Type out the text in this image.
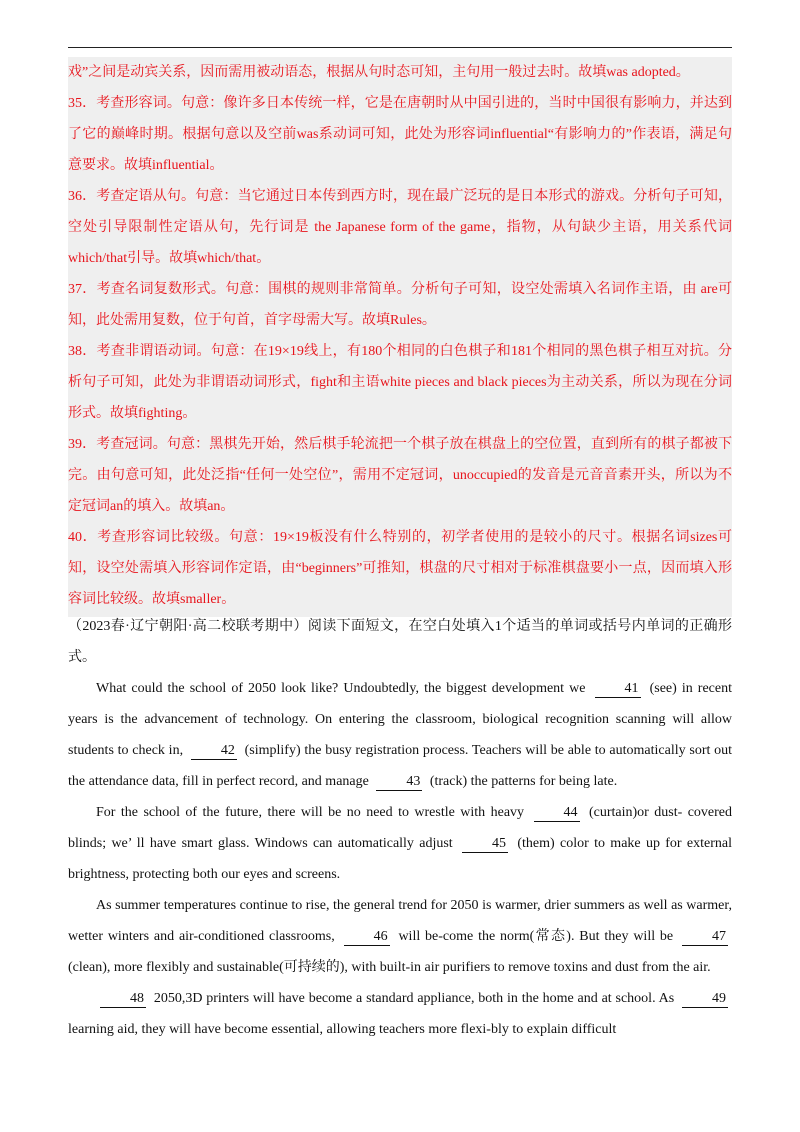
戏”之间是动宾关系，因而需用被动语态，根据从句时态可知，主句用一般过去时。故填was adopted。

35．考查形容词。句意：像许多日本传统一样，它是在唐朝时从中国引进的，当时中国很有影响力，并达到了它的巅峰时期。根据句意以及空前was系动词可知，此处为形容词influential“有影响力的”作表语，满足句意要求。故填influential。

36．考查定语从句。句意：当它通过日本传到西方时，现在最广泛玩的是日本形式的游戏。分析句子可知，空处引导限制性定语从句，先行词是 the Japanese form of the game，指物，从句缺少主语，用关系代词which/that引导。故填which/that。

37．考查名词复数形式。句意：围棋的规则非常简单。分析句子可知，设空处需填入名词作主语，由 are可知，此处需用复数，位于句首，首字母需大写。故填Rules。

38．考查非谓语动词。句意：在19×19线上，有180个相同的白色棋子和181个相同的黑色棋子相互对抗。分析句子可知，此处为非谓语动词形式，fight和主语white pieces and black pieces为主动关系，所以为现在分词形式。故填fighting。

39．考查冠词。句意：黑棋先开始，然后棋手轮流把一个棋子放在棋盘上的空位置，直到所有的棋子都被下完。由句意可知，此处泛指“任何一处空位”，需用不定冠词，unoccupied的发音是元音音素开头，所以为不定冠词an的填入。故填an。

40．考查形容词比较级。句意：19×19板没有什么特别的，初学者使用的是较小的尺寸。根据名词sizes可知，设空处需填入形容词作定语，由“beginners”可推知，棋盘的尺寸相对于标准棋盘要小一点，因而填入形容词比较级。故填smaller。

（2023春·辽宁朝阳·高二校联考期中）阅读下面短文，在空白处填入1个适当的单词或括号内单词的正确形式。

What could the school of 2050 look like? Undoubtedly, the biggest development we	41 (see) in recent years is the advancement of technology. On entering the classroom, biological recognition scanning will allow students to check in,	42 (simplify) the busy registration process. Teachers will be able to automatically sort out the attendance data, fill in perfect record, and manage	43 (track) the patterns for being late.

For the school of the future, there will be no need to wrestle with heavy	44 (curtain)or dust- covered blinds; we’ ll have smart glass. Windows can automatically adjust	45 (them) color to make up for external brightness, protecting both our eyes and screens.

As summer temperatures continue to rise, the general trend for 2050 is warmer, drier summers as well as warmer, wetter winters and air-conditioned classrooms,	46 will be-come the norm(常态). But they will be	47 (clean), more flexibly and sustainable(可持续的), with built-in air purifiers to remove toxins and dust from the air.

48 2050,3D printers will have become a standard appliance, both in the home and at school. As	49 learning aid, they will have become essential, allowing teachers more flexi-bly to explain difficult
